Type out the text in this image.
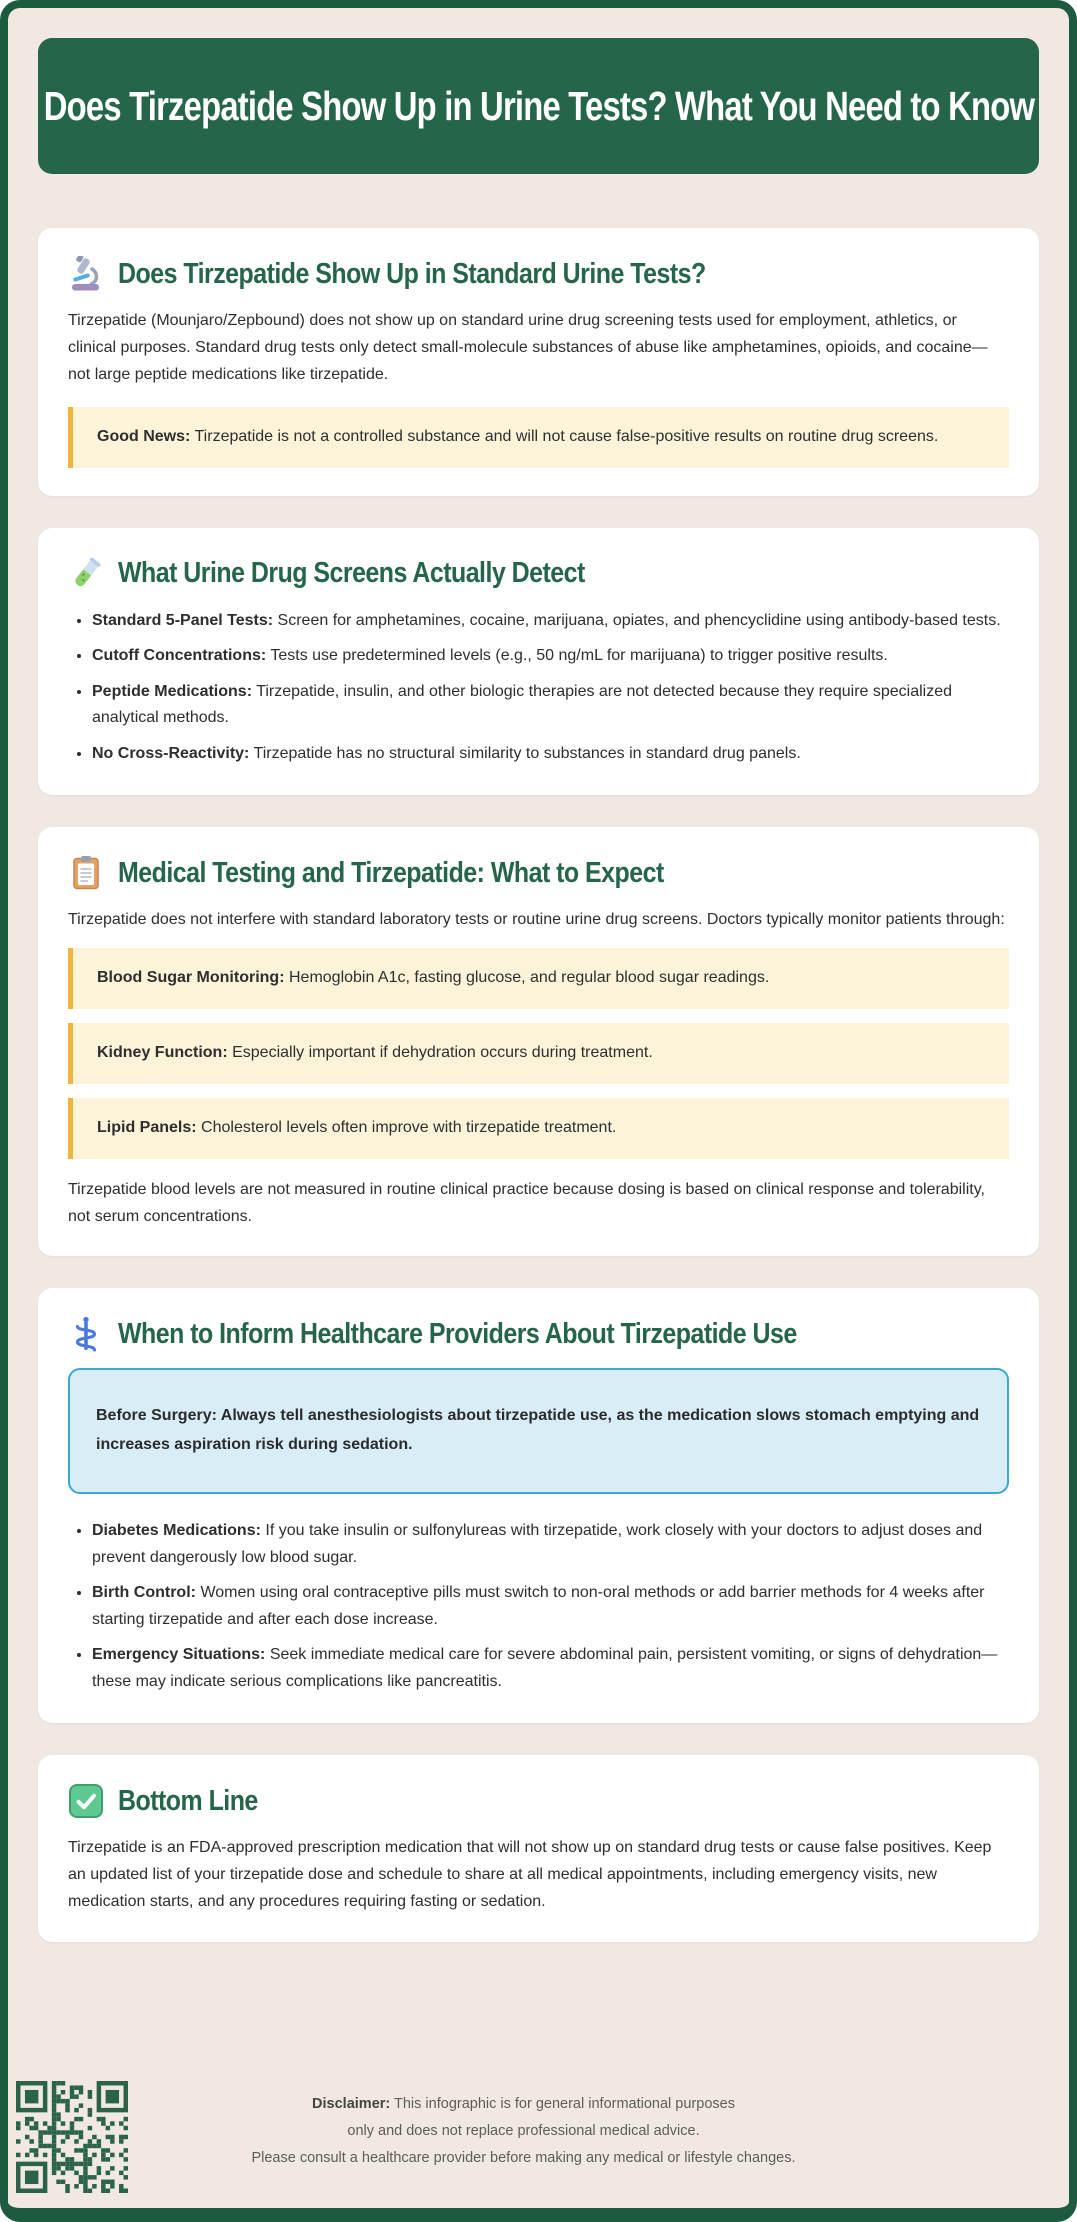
Does Tirzepatide Show Up in Urine Tests? What You Need to Know
Does Tirzepatide Show Up in Standard Urine Tests?

Tirzepatide (Mounjaro/Zepbound) does not show up on standard urine drug screening tests used for employment, athletics, or clinical purposes. Standard drug tests only detect small-molecule substances of abuse like amphetamines, opioids, and cocaine—not large peptide medications like tirzepatide.

Good News: Tirzepatide is not a controlled substance and will not cause false-positive results on routine drug screens.
What Urine Drug Screens Actually Detect
• Standard 5-Panel Tests: Screen for amphetamines, cocaine, marijuana, opiates, and phencyclidine using antibody-based tests.
• Cutoff Concentrations: Tests use predetermined levels (e.g., 50 ng/mL for marijuana) to trigger positive results.
• Peptide Medications: Tirzepatide, insulin, and other biologic therapies are not detected because they require specialized analytical methods.
• No Cross-Reactivity: Tirzepatide has no structural similarity to substances in standard drug panels.
Medical Testing and Tirzepatide: What to Expect

Tirzepatide does not interfere with standard laboratory tests or routine urine drug screens. Doctors typically monitor patients through:

Blood Sugar Monitoring: Hemoglobin A1c, fasting glucose, and regular blood sugar readings.
Kidney Function: Especially important if dehydration occurs during treatment.
Lipid Panels: Cholesterol levels often improve with tirzepatide treatment.

Tirzepatide blood levels are not measured in routine clinical practice because dosing is based on clinical response and tolerability, not serum concentrations.

When to Inform Healthcare Providers About Tirzepatide Use
Before Surgery: Always tell anesthesiologists about tirzepatide use, as the medication slows stomach emptying and increases aspiration risk during sedation.
• Diabetes Medications: If you take insulin or sulfonylureas with tirzepatide, work closely with your doctors to adjust doses and prevent dangerously low blood sugar.
• Birth Control: Women using oral contraceptive pills must switch to non-oral methods or add barrier methods for 4 weeks after starting tirzepatide and after each dose increase.
• Emergency Situations: Seek immediate medical care for severe abdominal pain, persistent vomiting, or signs of dehydration—these may indicate serious complications like pancreatitis.
Bottom Line

Tirzepatide is an FDA-approved prescription medication that will not show up on standard drug tests or cause false positives. Keep an updated list of your tirzepatide dose and schedule to share at all medical appointments, including emergency visits, new medication starts, and any procedures requiring fasting or sedation.

Disclaimer: This infographic is for general informational purposes
only and does not replace professional medical advice.
Please consult a healthcare provider before making any medical or lifestyle changes.
